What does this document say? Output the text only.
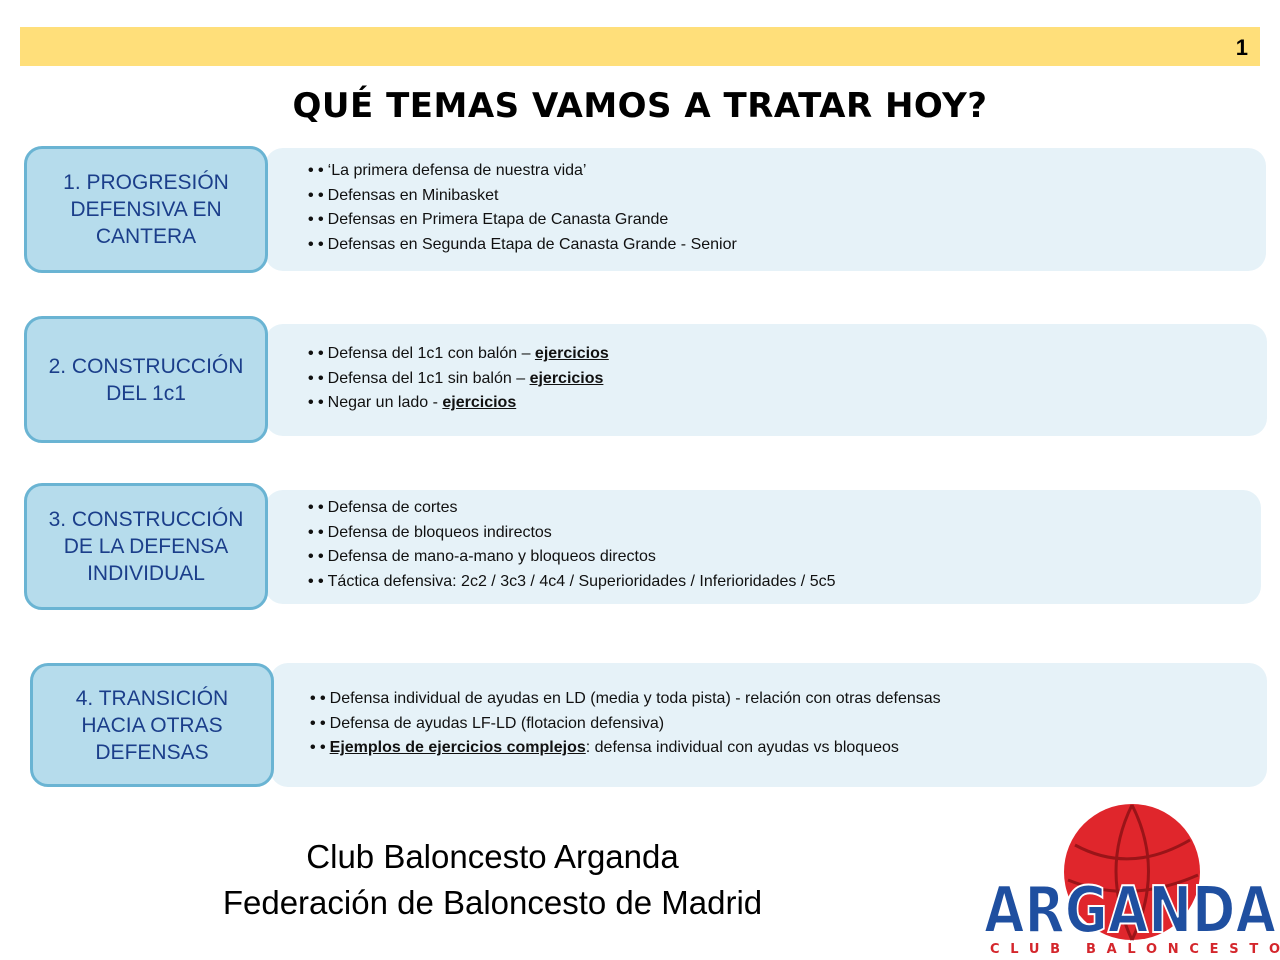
1
QUÉ TEMAS VAMOS A TRATAR HOY?
1. PROGRESIÓN
DEFENSIVA EN
CANTERA
• • ‘La primera defensa de nuestra vida’
• • Defensas en Minibasket
• • Defensas en Primera Etapa de Canasta Grande
• • Defensas en Segunda Etapa de Canasta Grande - Senior
2. CONSTRUCCIÓN
DEL 1c1
• • Defensa del 1c1 con balón – ejercicios
• • Defensa del 1c1 sin balón – ejercicios
• • Negar un lado - ejercicios
3. CONSTRUCCIÓN
DE LA DEFENSA
INDIVIDUAL
• • Defensa de cortes
• • Defensa de bloqueos indirectos
• • Defensa de mano-a-mano y bloqueos directos
• • Táctica defensiva: 2c2 / 3c3 / 4c4 / Superioridades / Inferioridades / 5c5
4. TRANSICIÓN
HACIA OTRAS
DEFENSAS
• • Defensa individual de ayudas en LD (media y toda pista) - relación con otras defensas
• • Defensa de ayudas LF-LD (flotacion defensiva)
• • Ejemplos de ejercicios complejos: defensa individual con ayudas vs bloqueos
Club Baloncesto Arganda
Federación de Baloncesto de Madrid	ARGANDA
CLUB BALONCESTO
